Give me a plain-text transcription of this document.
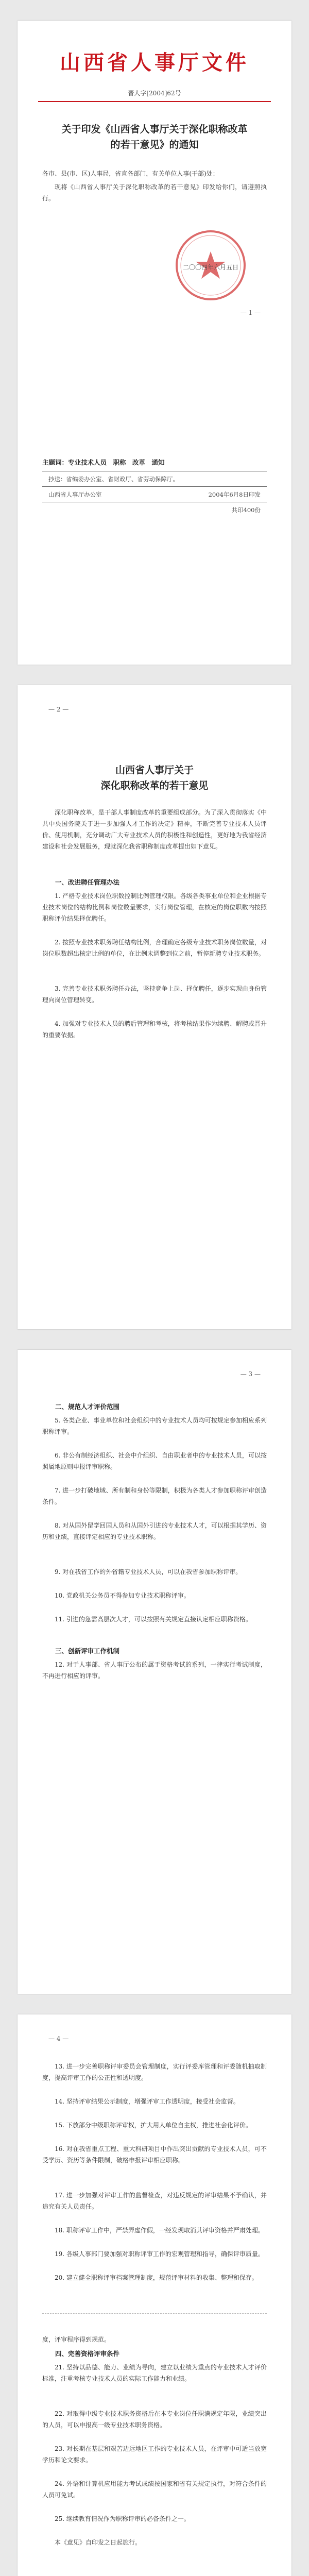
山西省人事厅文件
晋人字[2004]62号
关于印发《山西省人事厅关于深化职称改革
的若干意见》的通知
各市、县(市、区)人事局，省直各部门，有关单位人事(干部)处：
现将《山西省人事厅关于深化职称改革的若干意见》印发给你们，请遵照执行。
二〇〇四年六月五日
— 1 —
主题词：专业技术人员　职称　改革　通知
抄送：省编委办公室、省财政厅、省劳动保障厅。
山西省人事厅办公室	2004年6月8日印发
共印400份
— 2 —
山西省人事厅关于
深化职称改革的若干意见
深化职称改革，是干部人事制度改革的重要组成部分。为了深入贯彻落实《中共中央国务院关于进一步加强人才工作的决定》精神，不断完善专业技术人员评价、使用机制，充分调动广大专业技术人员的积极性和创造性，更好地为我省经济建设和社会发展服务，现就深化我省职称制度改革提出如下意见。
一、改进聘任管理办法
1. 严格专业技术岗位职数控制比例管理权限。各级各类事业单位和企业根据专业技术岗位的结构比例和岗位数量要求，实行岗位管理，在核定的岗位职数内按照职称评价结果择优聘任。
2. 按照专业技术职务聘任结构比例，合理确定各级专业技术职务岗位数量，对岗位职数超出核定比例的单位，在比例未调整到位之前，暂停新聘专业技术职务。
3. 完善专业技术职务聘任办法，坚持竞争上岗、择优聘任，逐步实现由身份管理向岗位管理转变。
4. 加强对专业技术人员的聘后管理和考核，将考核结果作为续聘、解聘或晋升的重要依据。
— 3 —
二、规范人才评价范围
5. 各类企业、事业单位和社会组织中的专业技术人员均可按规定参加相应系列职称评审。
6. 非公有制经济组织、社会中介组织、自由职业者中的专业技术人员，可以按照属地原则申报评审职称。
7. 进一步打破地域、所有制和身份等限制，积极为各类人才参加职称评审创造条件。
8. 对从国外留学回国人员和从国外引进的专业技术人才，可以根据其学历、资历和业绩，直接评定相应的专业技术职称。
9. 对在我省工作的外省籍专业技术人员，可以在我省参加职称评审。
10. 党政机关公务员不得参加专业技术职称评审。
11. 引进的急需高层次人才，可以按照有关规定直接认定相应职称资格。
三、创新评审工作机制
12. 对于人事部、省人事厅公布的属于资格考试的系列，一律实行考试制度，不再进行相应的评审。
— 4 —
13. 进一步完善职称评审委员会管理制度，实行评委库管理和评委随机抽取制度，提高评审工作的公正性和透明度。
14. 坚持评审结果公示制度，增强评审工作透明度，接受社会监督。
15. 下放部分中级职称评审权，扩大用人单位自主权，推进社会化评价。
16. 对在我省重点工程、重大科研项目中作出突出贡献的专业技术人员，可不受学历、资历等条件限制，破格申报评审相应职称。
17. 进一步加强对评审工作的监督检查，对违反规定的评审结果不予确认，并追究有关人员责任。
18. 职称评审工作中，严禁弄虚作假，一经发现取消其评审资格并严肃处理。
19. 各级人事部门要加强对职称评审工作的宏观管理和指导，确保评审质量。
20. 建立健全职称评审档案管理制度，规范评审材料的收集、整理和保存。
度，评审程序得到规范。
四、完善资格评审条件
21. 坚持以品德、能力、业绩为导向，建立以业绩为重点的专业技术人才评价标准，注重考核专业技术人员的实际工作能力和业绩。
22. 对取得中级专业技术职务资格后在本专业岗位任职满规定年限，业绩突出的人员，可以申报高一级专业技术职务资格。
23. 对长期在基层和艰苦边远地区工作的专业技术人员，在评审中可适当放宽学历和论文要求。
24. 外语和计算机应用能力考试成绩按国家和省有关规定执行，对符合条件的人员可免试。
25. 继续教育情况作为职称评审的必备条件之一。
本《意见》自印发之日起施行。
